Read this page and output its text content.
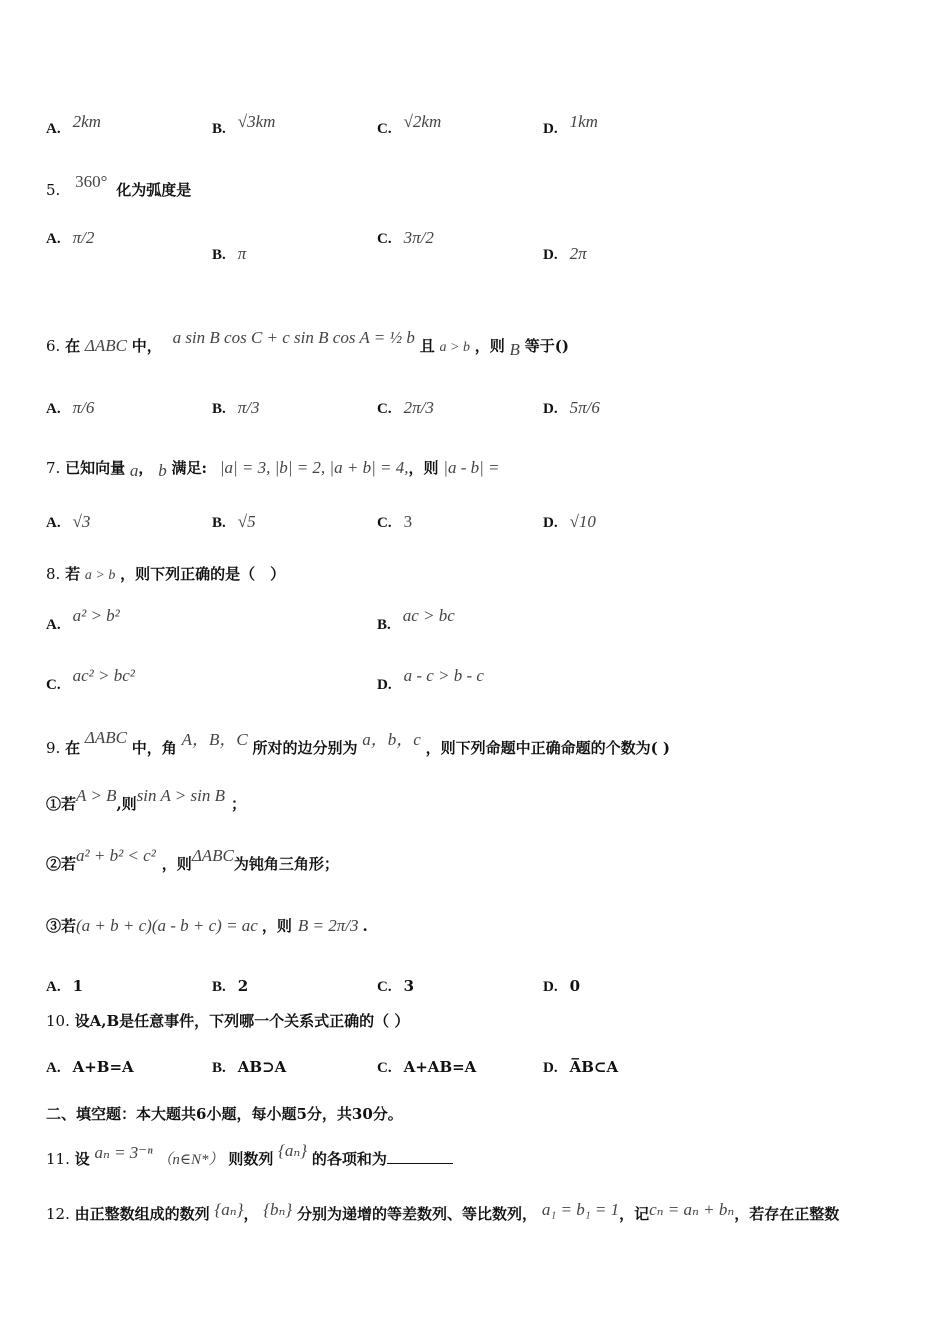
A. 2km	B. √3km	C. √2km	D. 1km
5. 360° 化为弧度是
A. π/2
B. π
C. 3π/2
D. 2π
6. 在 ΔABC 中， a sin B cos C + c sin B cos A = ½ b 且 a > b ，则 B 等于()
A. π/6	B. π/3	C. 2π/3	D. 5π/6
7. 已知向量 a， b 满足: |a| = 3, |b| = 2, |a + b| = 4,，则 |a - b| =
A. √3	B. √5	C. 3	D. √10
8. 若 a > b ，则下列正确的是（　）
A. a² > b²	B. ac > bc
C. ac² > bc²	D. a - c > b - c
9. 在 ΔABC 中，角 A，B，C 所对的边分别为 a，b，c ，则下列命题中正确命题的个数为( )
①若A > B,则sin A > sin B ；
②若a² + b² < c² ，则ΔABC为钝角三角形；
③若(a + b + c)(a - b + c) = ac ，则 B = 2π/3 .
A. 1	B. 2	C. 3	D. 0
10. 设A,B是任意事件，下列哪一个关系式正确的（ ）
A. A+B=A	B. AB⊃A	C. A+AB=A	D. A̅B⊂A
二、填空题：本大题共6小题，每小题5分，共30分。
11. 设 aₙ = 3⁻ⁿ （n∈N*） 则数列 {aₙ} 的各项和为
12. 由正整数组成的数列 {aₙ}， {bₙ} 分别为递增的等差数列、等比数列， a₁ = b₁ = 1，记cₙ = aₙ + bₙ，若存在正整数
